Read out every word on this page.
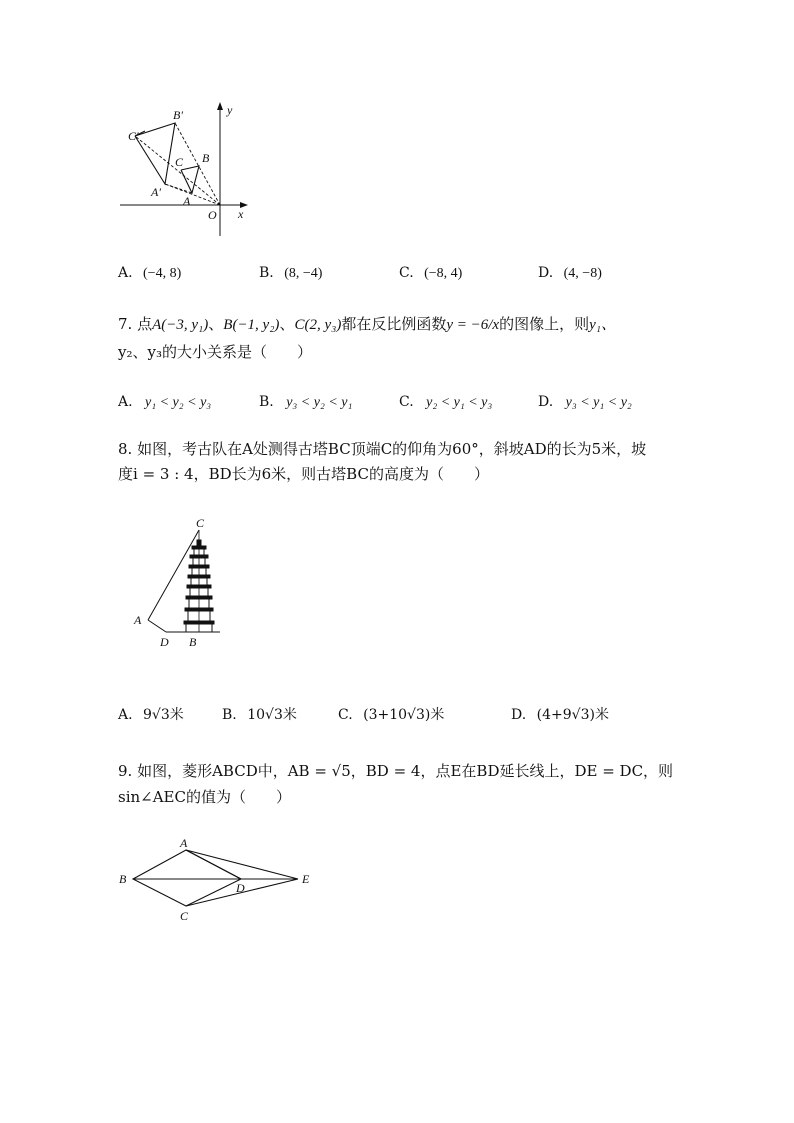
y
x
O
B′
C′
C B
A′
A
A. (−4, 8)	B. (8, −4)	C. (−8, 4)	D. (4, −8)
7. 点A(−3, y₁)、B(−1, y₂)、C(2, y₃)都在反比例函数y = −6/x的图像上，则y₁、
y₂、y₃的大小关系是（　　）
A. y₁ < y₂ < y₃	B. y₃ < y₂ < y₁	C. y₂ < y₁ < y₃	D. y₃ < y₁ < y₂
8. 如图，考古队在A处测得古塔BC顶端C的仰角为60°，斜坡AD的长为5米，坡
度i = 3 : 4，BD长为6米，则古塔BC的高度为（　　）
C
A
D B
A. 9√3米	B. 10√3米	C. (3+10√3)米	D. (4+9√3)米
9. 如图，菱形ABCD中，AB = √5，BD = 4，点E在BD延长线上，DE = DC，则
sin∠AEC的值为（　　）
A
B
C
D
E
